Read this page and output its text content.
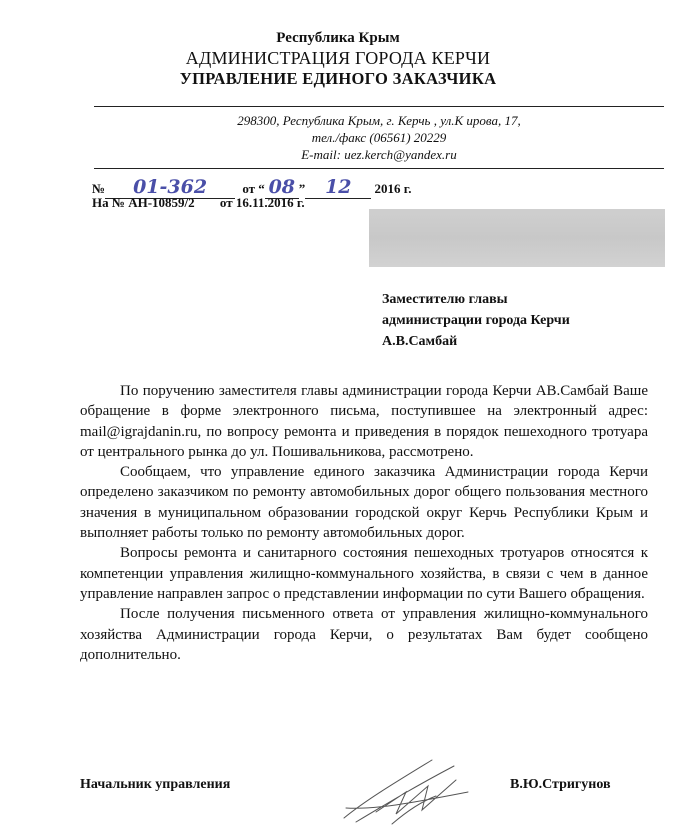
Республика Крым
АДМИНИСТРАЦИЯ ГОРОДА КЕРЧИ
УПРАВЛЕНИЕ ЕДИНОГО ЗАКАЗЧИКА
298300, Республика Крым, г. Керчь , ул.К ирова, 17,
тел./факс (06561) 20229
E-mail: uez.kerch@yandex.ru
№ 01-362	от “ 08 ” 12 2016 г.
На № АН-10859/2 от 16.11.2016 г.
Заместителю главы
администрации города Керчи
А.В.Самбай

По поручению заместителя главы администрации города Керчи АВ.Самбай Ваше обращение в форме электронного письма, поступившее на электронный адрес: mail@igrajdanin.ru, по вопросу ремонта и приведения в порядок пешеходного тротуара от центрального рынка до ул. Пошивальникова, рассмотрено.

Сообщаем, что управление единого заказчика Администрации города Керчи определено заказчиком по ремонту автомобильных дорог общего пользования местного значения в муниципальном образовании городской округ Керчь Республики Крым и выполняет работы только по ремонту автомобильных дорог.

Вопросы ремонта и санитарного состояния пешеходных тротуаров относятся к компетенции управления жилищно-коммунального хозяйства, в связи с чем в данное управление направлен запрос о представлении информации по сути Вашего обращения.

После получения письменного ответа от управления жилищно-коммунального хозяйства Администрации города Керчи, о результатах Вам будет сообщено дополнительно.

Начальник управления	В.Ю.Стригунов
